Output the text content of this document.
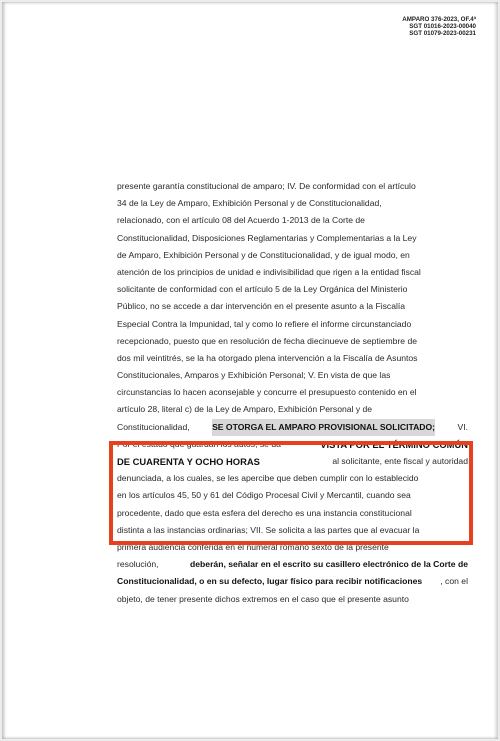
AMPARO 376-2023, OF.4ª
SGT 01016-2023-00040
SGT 01079-2023-00231
presente garantía constitucional de amparo; IV. De conformidad con el artículo
34 de la Ley de Amparo, Exhibición Personal y de Constitucionalidad,
relacionado, con el artículo 08 del Acuerdo 1-2013 de la Corte de
Constitucionalidad, Disposiciones Reglamentarias y Complementarias a la Ley
de Amparo, Exhibición Personal y de Constitucionalidad, y de igual modo, en
atención de los principios de unidad e indivisibilidad que rigen a la entidad fiscal
solicitante de conformidad con el artículo 5 de la Ley Orgánica del Ministerio
Público, no se accede a dar intervención en el presente asunto a la Fiscalía
Especial Contra la Impunidad, tal y como lo refiere el informe circunstanciado
recepcionado, puesto que en resolución de fecha diecinueve de septiembre de
dos mil veintitrés, se la ha otorgado plena intervención a la Fiscalía de Asuntos
Constitucionales, Amparos y Exhibición Personal; V. En vista de que las
circunstancias lo hacen aconsejable y concurre el presupuesto contenido en el
artículo 28, literal c) de la Ley de Amparo, Exhibición Personal y de
Constitucionalidad,	SE OTORGA EL AMPARO PROVISIONAL SOLICITADO;	VI.
Por el estado que guardan los autos, se da	VISTA POR EL TÉRMINO COMÚN
DE CUARENTA Y OCHO HORAS	al solicitante, ente fiscal y autoridad
denunciada, a los cuales, se les apercibe que deben cumplir con lo establecido
en los artículos 45, 50 y 61 del Código Procesal Civil y Mercantil, cuando sea
procedente, dado que esta esfera del derecho es una instancia constitucional
distinta a las instancias ordinarias; VII. Se solicita a las partes que al evacuar la
primera audiencia conferida en el numeral romano sexto de la presente
resolución,	deberán, señalar en el escrito su casillero electrónico de la Corte de
Constitucionalidad, o en su defecto, lugar físico para recibir notificaciones , con el
objeto, de tener presente dichos extremos en el caso que el presente asunto
